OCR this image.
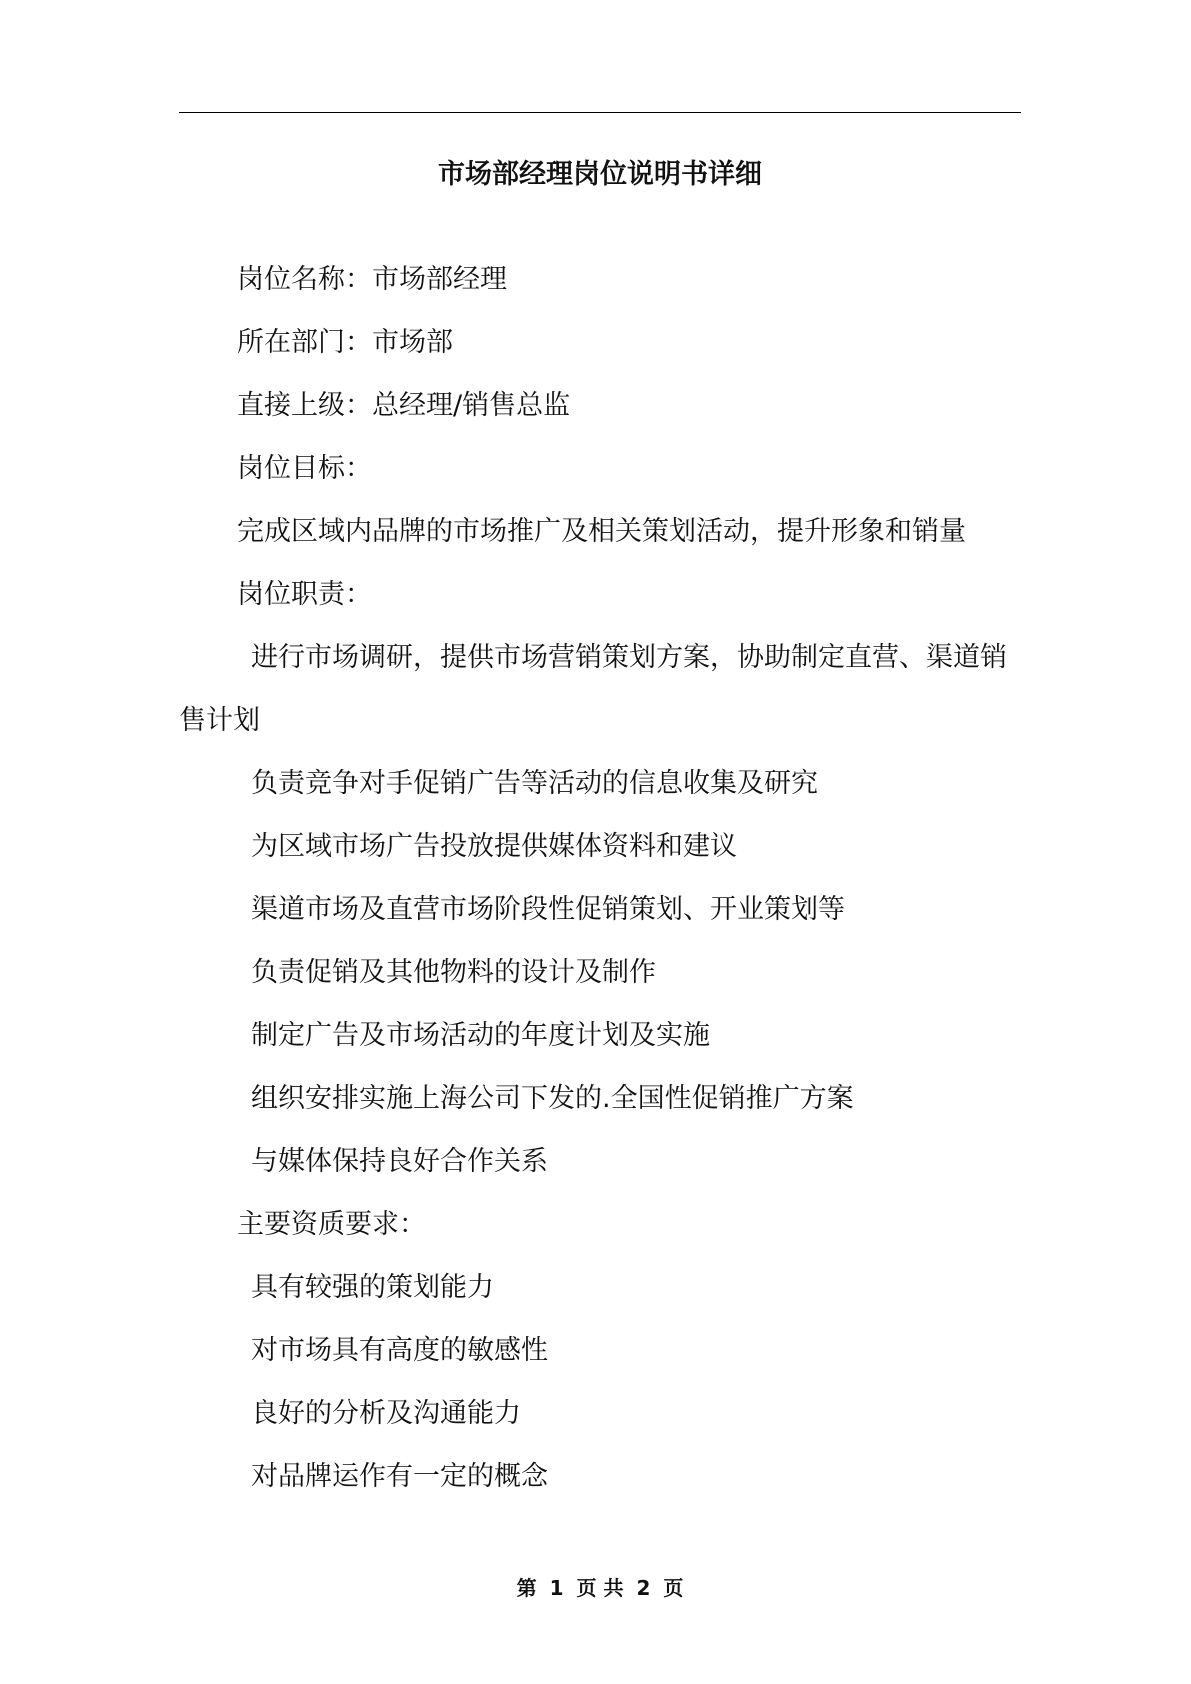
市场部经理岗位说明书详细
岗位名称：市场部经理
所在部门：市场部
直接上级：总经理/销售总监
岗位目标：
完成区域内品牌的市场推广及相关策划活动，提升形象和销量
岗位职责：

进行市场调研，提供市场营销策划方案，协助制定直营、渠道销售计划

负责竞争对手促销广告等活动的信息收集及研究
为区域市场广告投放提供媒体资料和建议
渠道市场及直营市场阶段性促销策划、开业策划等
负责促销及其他物料的设计及制作
制定广告及市场活动的年度计划及实施
组织安排实施上海公司下发的.全国性促销推广方案
与媒体保持良好合作关系
主要资质要求：
具有较强的策划能力
对市场具有高度的敏感性
良好的分析及沟通能力
对品牌运作有一定的概念
第 1 页 共 2 页
